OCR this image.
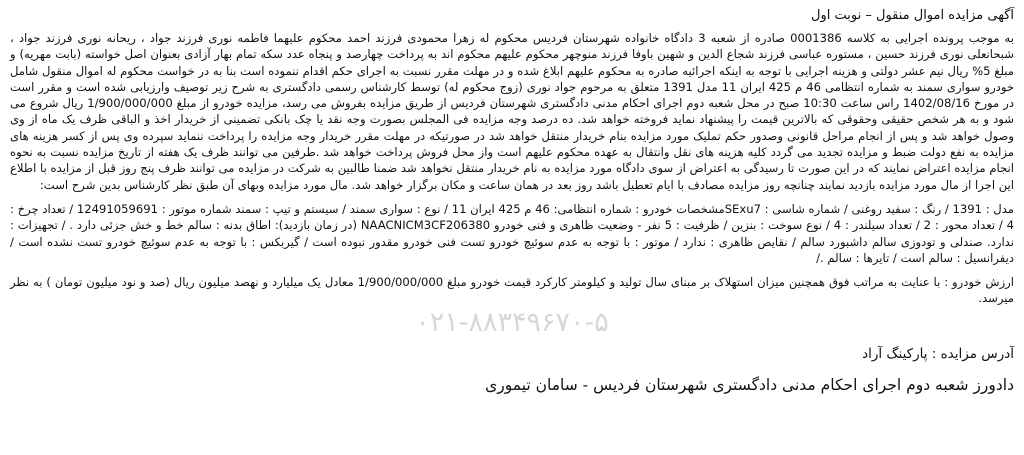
آگهی مزایده اموال منقول – نوبت اول

به موجب پرونده اجرایی به کلاسه 0001386 صادره از شعبه 3 دادگاه خانواده شهرستان فردیس محکوم له زهرا محمودی فرزند احمد محکوم علیهما فاطمه نوری فرزند جواد ، ریحانه نوری فرزند جواد ، شبحانعلی نوری فرزند حسین ، مستوره عباسی فرزند شجاع الدین و شهین باوفا فرزند منوچهر محکوم علیهم محکوم اند به پرداخت چهارصد و پنجاه عدد سکه تمام بهار آزادی بعنوان اصل خواسته (بابت مهریه) و مبلغ 5% ریال نیم عشر دولتی و هزینه اجرایی با توجه به اینکه اجرائیه صادره به محکوم علیهم ابلاغ شده و در مهلت مقرر نسبت به اجرای حکم اقدام ننموده است بنا به در خواست محکوم له اموال منقول شامل خودرو سواری سمند به شماره انتظامی 46 م 425 ایران 11 مدل 1391 متعلق به مرحوم جواد نوری (زوج محکوم له) توسط کارشناس رسمی دادگستری به شرح زیر توصیف وارزیابی شده است و مقرر است در مورخ 1402/08/16 راس ساعت 10:30 صبح در محل شعبه دوم اجرای احکام مدنی دادگستری شهرستان فردیس از طریق مزایده بفروش می رسد، مزایده خودرو از مبلغ 1/900/000/000 ریال شروع می شود و به هر شخص حقیقی وحقوقی که بالاترین قیمت را پیشنهاد نماید فروخته خواهد شد. ده درصد وجه مزایده فی المجلس بصورت وجه نقد یا چک بانکی تضمینی از خریدار اخذ و الباقی ظرف یک ماه از وی وصول خواهد شد و پس از انجام مراحل قانونی وصدور حکم تملیک مورد مزایده بنام خریدار منتقل خواهد شد در صورتیکه در مهلت مقرر خریدار وجه مزایده را پرداخت ننماید سپرده وی پس از کسر هزینه های مزایده به نفع دولت ضبط و مزایده تجدید می گردد کلیه هزینه های نقل وانتقال به عهده محکوم علیهم است واز محل فروش پرداخت خواهد شد .طرفین می توانند ظرف یک هفته از تاریخ مزایده نسبت به نحوه انجام مزایده اعتراض نمایند که در این صورت تا رسیدگی به اعتراض از سوی دادگاه مورد مزایده به نام خریدار منتقل نخواهد شد ضمنا طالبین به شرکت در مزایده می توانند ظرف پنج روز قبل از مزایده با اطلاع این اجرا از مال مورد مزایده بازدید نمایند چنانچه روز مزایده مصادف با ایام تعطیل باشد روز بعد در همان ساعت و مکان برگزار خواهد شد. مال مورد مزایده وبهای آن طبق نظر کارشناس بدین شرح است:

مدل : 1391 / رنگ : سفید روغنی / شماره شاسی : SExu7مشخصات خودرو : شماره انتظامی: 46 م 425 ایران 11 / نوع : سواری سمند / سیستم و تیپ : سمند شماره موتور : 12491059691 / تعداد چرخ : 4 / تعداد محور : 2 / تعداد سیلندر : 4 / نوع سوخت : بنزین / ظرفیت : 5 نفر - وضعیت ظاهری و فنی خودرو NAACNICM3CF206380 (در زمان بازدید): اطاق بدنه : سالم خط و خش جزئی دارد . / تجهیزات : ندارد. صندلی و تودوزی سالم داشبورد سالم / نقایص ظاهری : ندارد / موتور : با توجه به عدم سوئیچ خودرو تست فنی خودرو مقدور نبوده است / گیربکس : با توجه به عدم سوئیچ خودرو تست نشده است / دیفرانسیل : سالم است / تایرها : سالم ./

ارزش خودرو : با عنایت به مراتب فوق همچنین میزان استهلاک بر مبنای سال تولید و کیلومتر کارکرد قیمت خودرو مبلغ 1/900/000/000 معادل یک میلیارد و نهصد میلیون ریال (صد و نود میلیون تومان ) به نظر میرسد.

۰۲۱-۸۸۳۴۹۶۷۰-۵

آدرس مزایده : پارکینگ آراد

دادورز شعبه دوم اجرای احکام مدنی دادگستری شهرستان فردیس - سامان تیموری
